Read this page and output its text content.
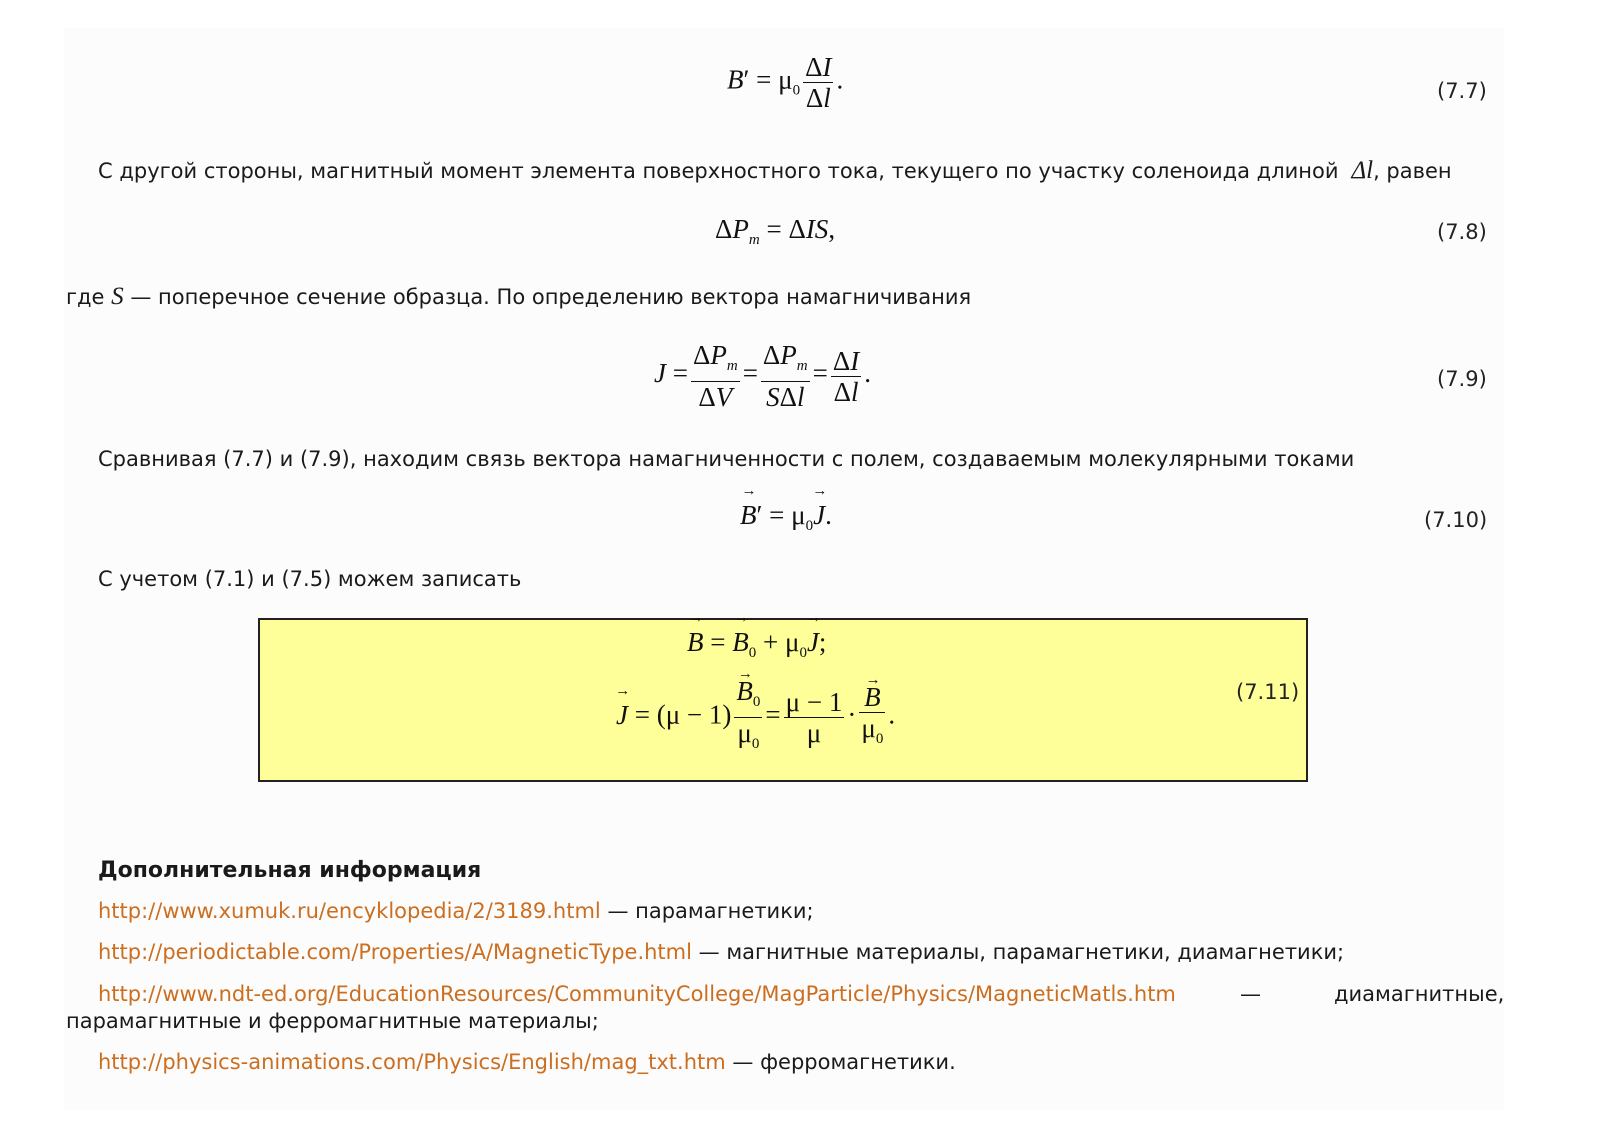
$B' = \mu_0 \frac{\Delta I}{\Delta l}$ .	(7.7)
С другой стороны, магнитный момент элемента поверхностного тока, текущего по участку соленоида длиной  Δl, равен
$\Delta P_m = \Delta IS$,	(7.8)
где S — поперечное сечение образца. По определению вектора намагничивания
$J = \frac{\Delta P_m}{\Delta V} = \frac{\Delta P_m}{\text{SΔl}} = \frac{\Delta I}{\Delta l}$ .	(7.9)
Сравнивая (7.7) и (7.9), находим связь вектора намагниченности с полем, создаваемым молекулярными токами
→ $B' = \mu_0\to J$.	(7.10)
С учетом (7.1) и (7.5) можем записать
→ B = → $B_0 + \mu_0\to J$;
→ J = (μ − 1)
→ $\frac{B_0}{\mu_0} = \frac{\mu - 1}{\mu}$ ·
→ $\frac{B}{\mu_0}$ .
(7.11)
Дополнительная информация
http://www.xumuk.ru/encyklopedia/2/3189.html — парамагнетики;
http://periodictable.com/Properties/A/MagneticType.html — магнитные материалы, парамагнетики, диамагнетики;
http://www.ndt-ed.org/EducationResources/CommunityCollege/MagParticle/Physics/MagneticMatls.htm	—	диамагнитные,
парамагнитные и ферромагнитные материалы;
http://physics-animations.com/Physics/English/mag_txt.htm — ферромагнетики.
